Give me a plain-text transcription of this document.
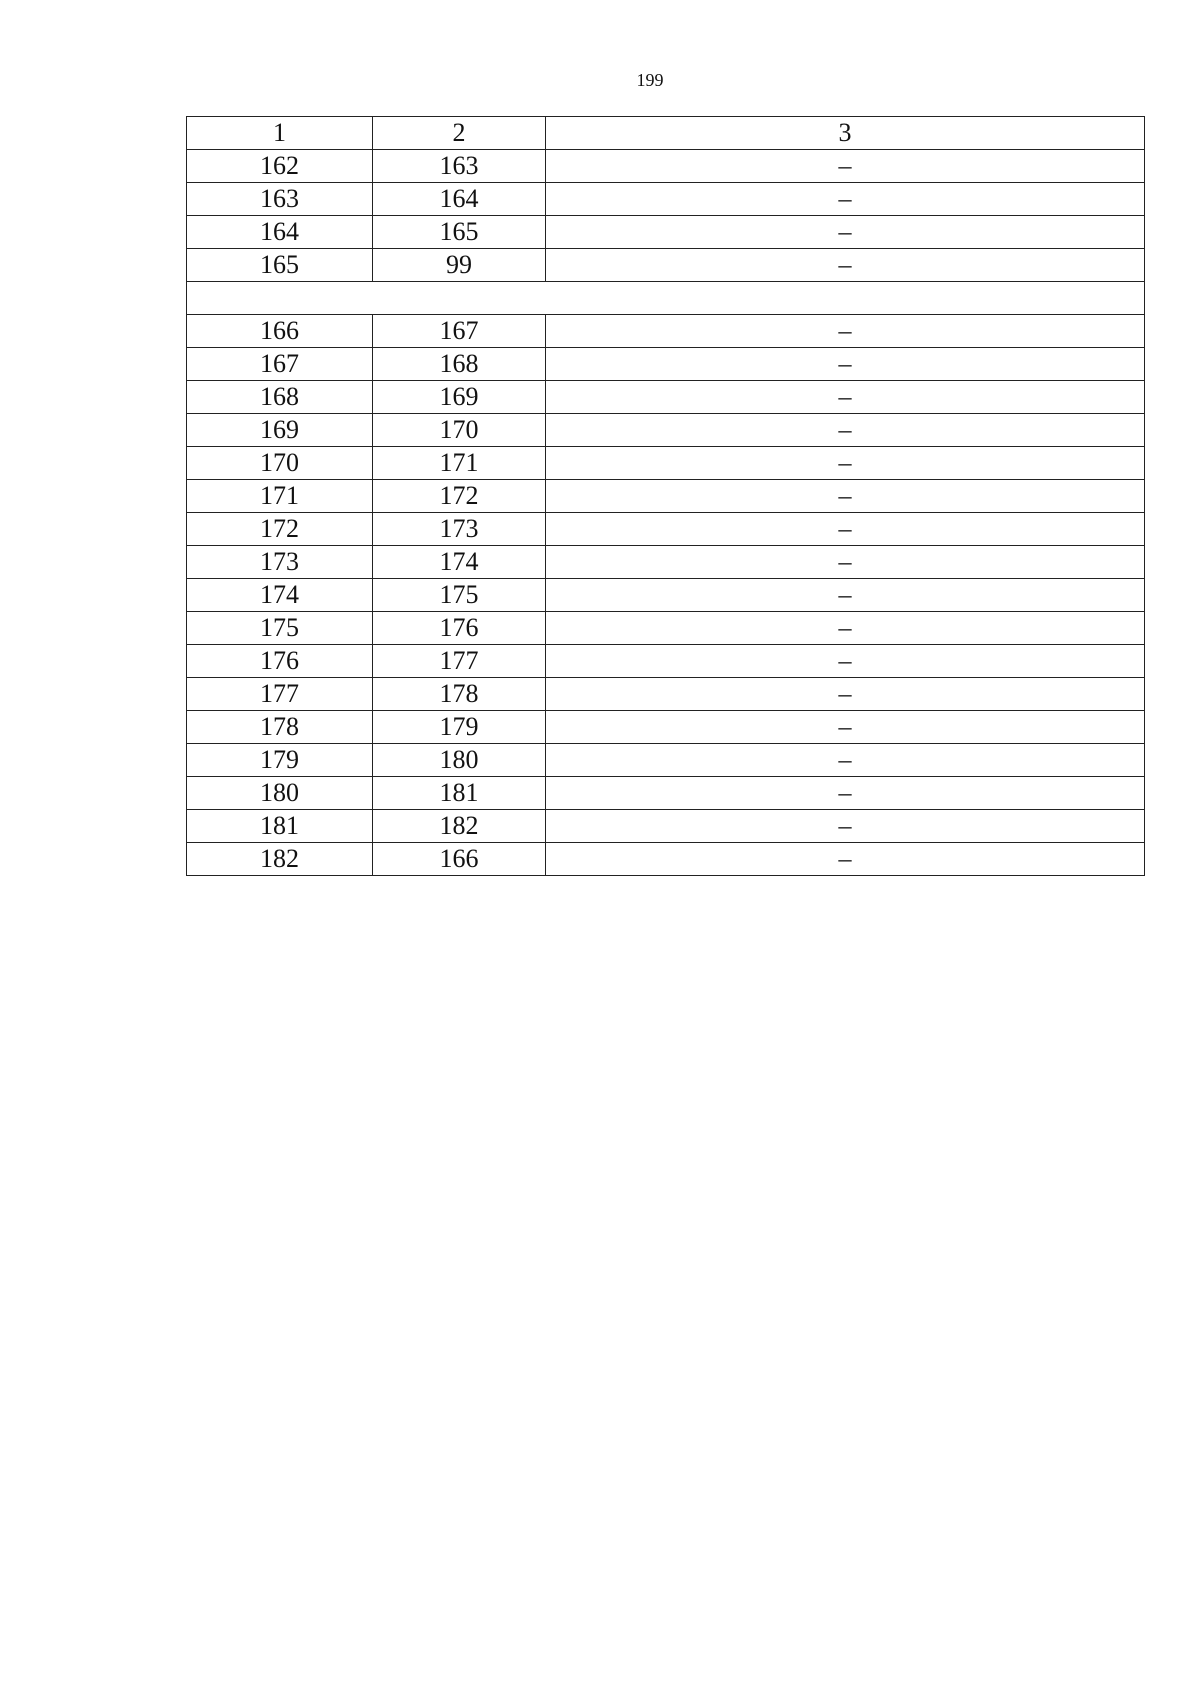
199
1	2	3
162	163	–
163	164	–
164	165	–
165	99	–

166	167	–
167	168	–
168	169	–
169	170	–
170	171	–
171	172	–
172	173	–
173	174	–
174	175	–
175	176	–
176	177	–
177	178	–
178	179	–
179	180	–
180	181	–
181	182	–
182	166	–
